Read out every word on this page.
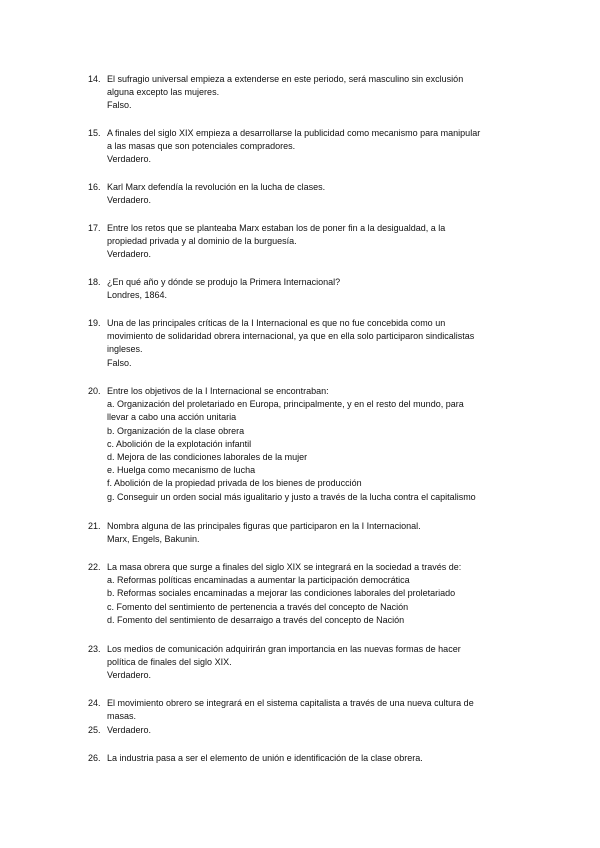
14. El sufragio universal empieza a extenderse en este periodo, será masculino sin exclusión
alguna excepto las mujeres.
Falso.
15. A finales del siglo XIX empieza a desarrollarse la publicidad como mecanismo para manipular
a las masas que son potenciales compradores.
Verdadero.
16. Karl Marx defendía la revolución en la lucha de clases.
Verdadero.
17. Entre los retos que se planteaba Marx estaban los de poner fin a la desigualdad, a la
propiedad privada y al dominio de la burguesía.
Verdadero.
18. ¿En qué año y dónde se produjo la Primera Internacional?
Londres, 1864.
19. Una de las principales críticas de la I Internacional es que no fue concebida como un
movimiento de solidaridad obrera internacional, ya que en ella solo participaron sindicalistas
ingleses.
Falso.
20. Entre los objetivos de la I Internacional se encontraban:
a. Organización del proletariado en Europa, principalmente, y en el resto del mundo, para
llevar a cabo una acción unitaria
b. Organización de la clase obrera
c. Abolición de la explotación infantil
d. Mejora de las condiciones laborales de la mujer
e. Huelga como mecanismo de lucha
f. Abolición de la propiedad privada de los bienes de producción
g. Conseguir un orden social más igualitario y justo a través de la lucha contra el capitalismo
21. Nombra alguna de las principales figuras que participaron en la I Internacional.
Marx, Engels, Bakunin.
22. La masa obrera que surge a finales del siglo XIX se integrará en la sociedad a través de:
a. Reformas políticas encaminadas a aumentar la participación democrática
b. Reformas sociales encaminadas a mejorar las condiciones laborales del proletariado
c. Fomento del sentimiento de pertenencia a través del concepto de Nación
d. Fomento del sentimiento de desarraigo a través del concepto de Nación
23. Los medios de comunicación adquirirán gran importancia en las nuevas formas de hacer
política de finales del siglo XIX.
Verdadero.
24. El movimiento obrero se integrará en el sistema capitalista a través de una nueva cultura de
masas.
25. Verdadero.
26. La industria pasa a ser el elemento de unión e identificación de la clase obrera.
